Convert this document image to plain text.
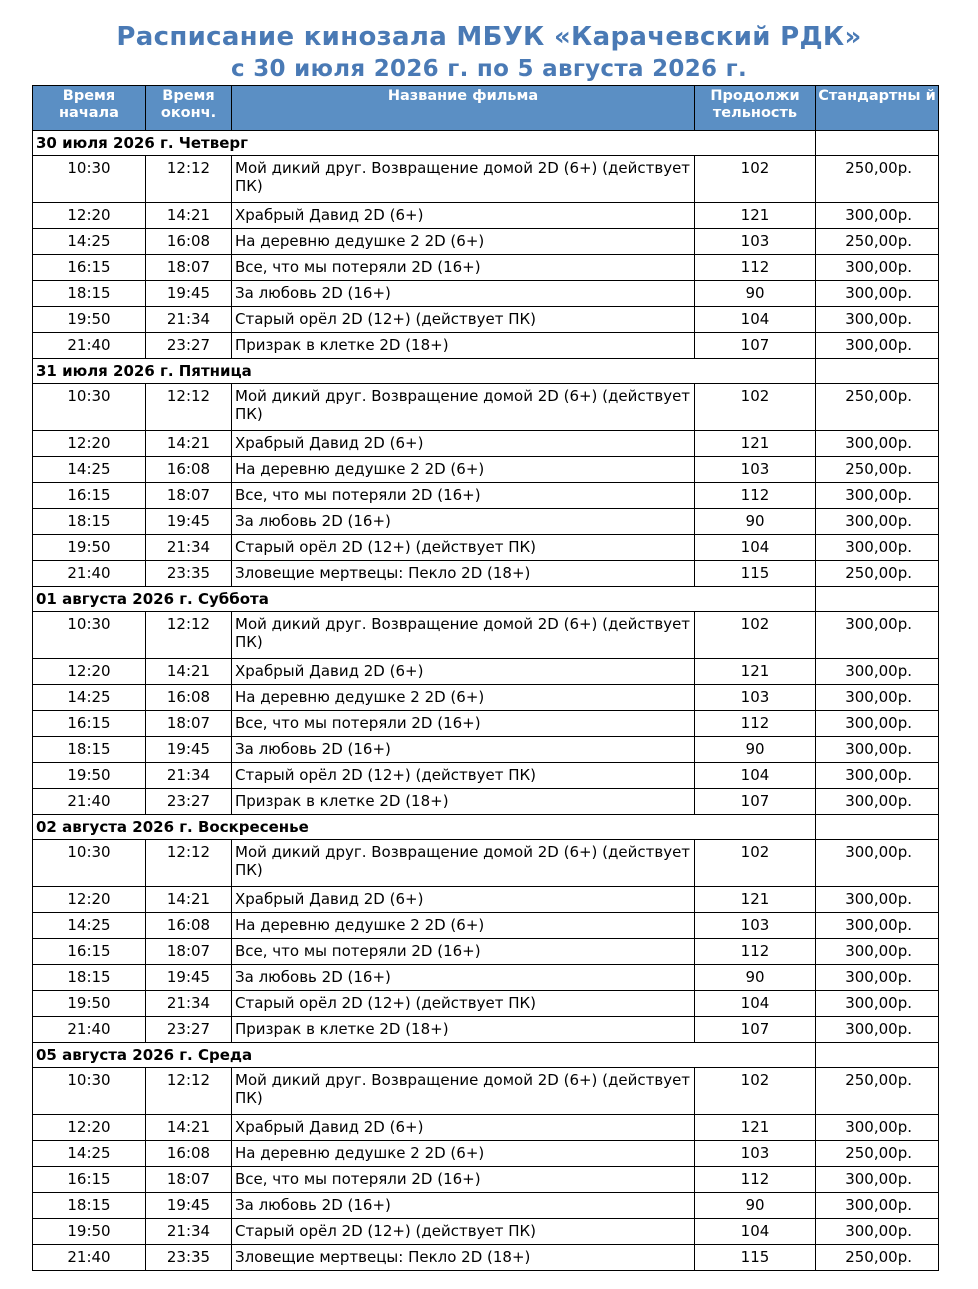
Расписание кинозала МБУК «Карачевский РДК»
с 30 июля 2026 г. по 5 августа 2026 г.
Время начала	Время оконч.	Название фильма	Продолжи тельность	Стандартны й
30 июля 2026 г. Четверг				
10:30	12:12	Мой дикий друг. Возвращение домой 2D (6+) (действует ПК)	102	250,00р.
12:20	14:21	Храбрый Давид 2D (6+)	121	300,00р.
14:25	16:08	На деревню дедушке 2 2D (6+)	103	250,00р.
16:15	18:07	Все, что мы потеряли 2D (16+)	112	300,00р.
18:15	19:45	За любовь 2D (16+)	90	300,00р.
19:50	21:34	Старый орёл 2D (12+) (действует ПК)	104	300,00р.
21:40	23:27	Призрак в клетке 2D (18+)	107	300,00р.
31 июля 2026 г. Пятница				
10:30	12:12	Мой дикий друг. Возвращение домой 2D (6+) (действует ПК)	102	250,00р.
12:20	14:21	Храбрый Давид 2D (6+)	121	300,00р.
14:25	16:08	На деревню дедушке 2 2D (6+)	103	250,00р.
16:15	18:07	Все, что мы потеряли 2D (16+)	112	300,00р.
18:15	19:45	За любовь 2D (16+)	90	300,00р.
19:50	21:34	Старый орёл 2D (12+) (действует ПК)	104	300,00р.
21:40	23:35	Зловещие мертвецы: Пекло 2D (18+)	115	250,00р.
01 августа 2026 г. Суббота				
10:30	12:12	Мой дикий друг. Возвращение домой 2D (6+) (действует ПК)	102	300,00р.
12:20	14:21	Храбрый Давид 2D (6+)	121	300,00р.
14:25	16:08	На деревню дедушке 2 2D (6+)	103	300,00р.
16:15	18:07	Все, что мы потеряли 2D (16+)	112	300,00р.
18:15	19:45	За любовь 2D (16+)	90	300,00р.
19:50	21:34	Старый орёл 2D (12+) (действует ПК)	104	300,00р.
21:40	23:27	Призрак в клетке 2D (18+)	107	300,00р.
02 августа 2026 г. Воскресенье				
10:30	12:12	Мой дикий друг. Возвращение домой 2D (6+) (действует ПК)	102	300,00р.
12:20	14:21	Храбрый Давид 2D (6+)	121	300,00р.
14:25	16:08	На деревню дедушке 2 2D (6+)	103	300,00р.
16:15	18:07	Все, что мы потеряли 2D (16+)	112	300,00р.
18:15	19:45	За любовь 2D (16+)	90	300,00р.
19:50	21:34	Старый орёл 2D (12+) (действует ПК)	104	300,00р.
21:40	23:27	Призрак в клетке 2D (18+)	107	300,00р.
05 августа 2026 г. Среда				
10:30	12:12	Мой дикий друг. Возвращение домой 2D (6+) (действует ПК)	102	250,00р.
12:20	14:21	Храбрый Давид 2D (6+)	121	300,00р.
14:25	16:08	На деревню дедушке 2 2D (6+)	103	250,00р.
16:15	18:07	Все, что мы потеряли 2D (16+)	112	300,00р.
18:15	19:45	За любовь 2D (16+)	90	300,00р.
19:50	21:34	Старый орёл 2D (12+) (действует ПК)	104	300,00р.
21:40	23:35	Зловещие мертвецы: Пекло 2D (18+)	115	250,00р.
